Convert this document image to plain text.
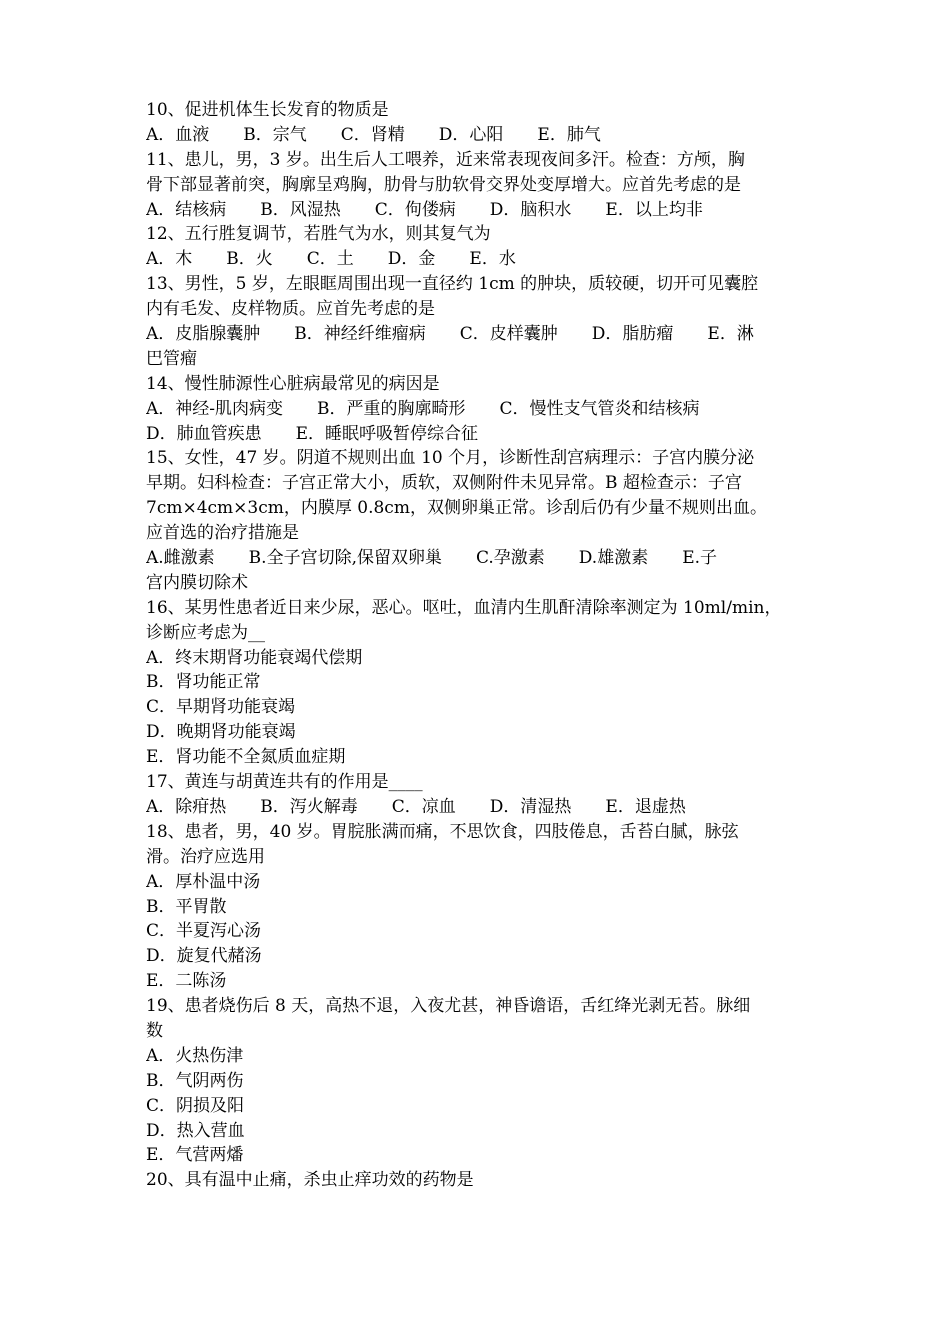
10、促进机体生长发育的物质是
A．血液　　B．宗气　　C．肾精　　D．心阳　　E．肺气
11、患儿，男，3 岁。出生后人工喂养，近来常表现夜间多汗。检查：方颅，胸
骨下部显著前突，胸廓呈鸡胸，肋骨与肋软骨交界处变厚增大。应首先考虑的是
A．结核病　　B．风湿热　　C．佝偻病　　D．脑积水　　E．以上均非
12、五行胜复调节，若胜气为水，则其复气为
A．木　　B．火　　C．土　　D．金　　E．水
13、男性，5 岁，左眼眶周围出现一直径约 1cm 的肿块，质较硬，切开可见囊腔
内有毛发、皮样物质。应首先考虑的是
A．皮脂腺囊肿　　B．神经纤维瘤病　　C．皮样囊肿　　D．脂肪瘤　　E．淋
巴管瘤
14、慢性肺源性心脏病最常见的病因是
A．神经-肌肉病变　　B．严重的胸廓畸形　　C．慢性支气管炎和结核病
D．肺血管疾患　　E．睡眠呼吸暂停综合征
15、女性，47 岁。阴道不规则出血 10 个月，诊断性刮宫病理示：子宫内膜分泌
早期。妇科检查：子宫正常大小，质软，双侧附件未见异常。B 超检查示：子宫
7cm×4cm×3cm，内膜厚 0.8cm，双侧卵巢正常。诊刮后仍有少量不规则出血。
应首选的治疗措施是
A.雌激素　　B.全子宫切除,保留双卵巢　　C.孕激素　　D.雄激素　　E.子
宫内膜切除术
16、某男性患者近日来少尿，恶心。呕吐，血清内生肌酐清除率测定为 10ml/min，
诊断应考虑为__
A．终末期肾功能衰竭代偿期
B．肾功能正常
C．早期肾功能衰竭
D．晚期肾功能衰竭
E．肾功能不全氮质血症期
17、黄连与胡黄连共有的作用是____
A．除疳热　　B．泻火解毒　　C．凉血　　D．清湿热　　E．退虚热
18、患者，男，40 岁。胃脘胀满而痛，不思饮食，四肢倦息，舌苔白腻，脉弦
滑。治疗应选用
A．厚朴温中汤
B．平胃散
C．半夏泻心汤
D．旋复代赭汤
E．二陈汤
19、患者烧伤后 8 天，高热不退，入夜尤甚，神昏谵语，舌红绛光剥无苔。脉细
数
A．火热伤津
B．气阴两伤
C．阴损及阳
D．热入营血
E．气营两燔
20、具有温中止痛，杀虫止痒功效的药物是
